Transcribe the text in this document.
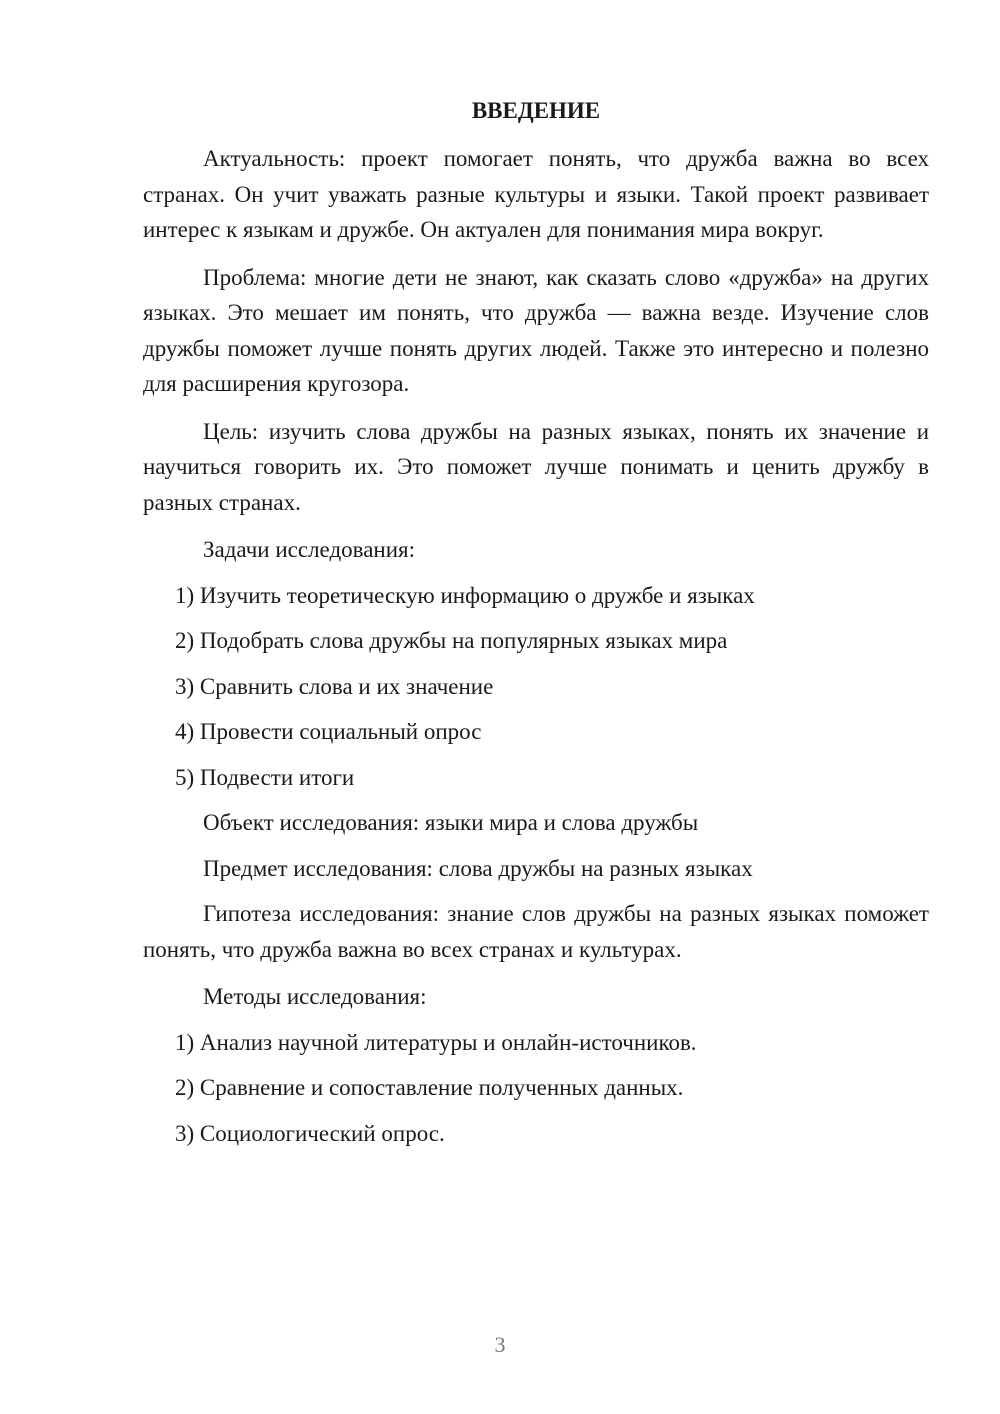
ВВЕДЕНИЕ

Актуальность: проект помогает понять, что дружба важна во всех странах. Он учит уважать разные культуры и языки. Такой проект развивает интерес к языкам и дружбе. Он актуален для понимания мира вокруг.

Проблема: многие дети не знают, как сказать слово «дружба» на других языках. Это мешает им понять, что дружба — важна везде. Изучение слов дружбы поможет лучше понять других людей. Также это интересно и полезно для расширения кругозора.

Цель: изучить слова дружбы на разных языках, понять их значение и научиться говорить их. Это поможет лучше понимать и ценить дружбу в разных странах.

Задачи исследования:
1) Изучить теоретическую информацию о дружбе и языках
2) Подобрать слова дружбы на популярных языках мира
3) Сравнить слова и их значение
4) Провести социальный опрос
5) Подвести итоги
Объект исследования: языки мира и слова дружбы
Предмет исследования: слова дружбы на разных языках

Гипотеза исследования: знание слов дружбы на разных языках поможет понять, что дружба важна во всех странах и культурах.

Методы исследования:
1) Анализ научной литературы и онлайн-источников.
2) Сравнение и сопоставление полученных данных.
3) Социологический опрос.
3
